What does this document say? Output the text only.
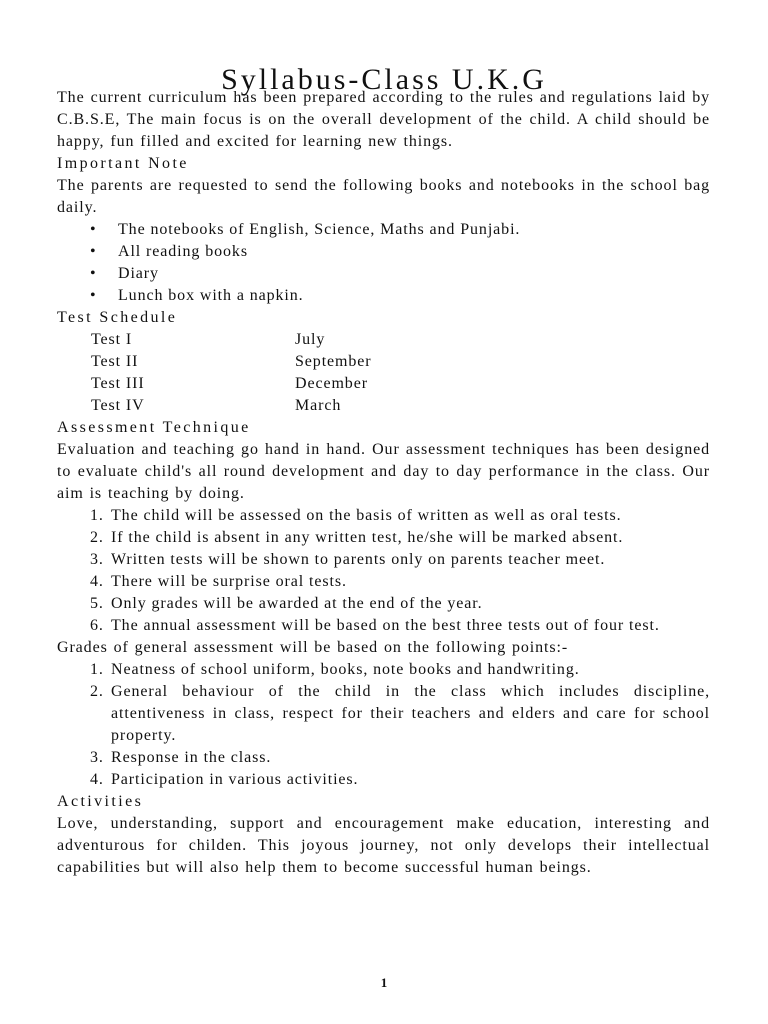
Syllabus-Class U.K.G
The current curriculum has been prepared according to the rules and regulations laid by C.B.S.E, The main focus is on the overall development of the child. A child should be happy, fun filled and excited for learning new things.
Important Note
The parents are requested to send the following books and notebooks in the school bag daily.
• The notebooks of English, Science, Maths and Punjabi.
• All reading books
• Diary
• Lunch box with a napkin.
Test Schedule
Test I	July
Test II	September
Test III	December
Test IV	March
Assessment Technique
Evaluation and teaching go hand in hand. Our assessment techniques has been designed to evaluate child's all round development and day to day performance in the class. Our aim is teaching by doing.
1. The child will be assessed on the basis of written as well as oral tests.
2. If the child is absent in any written test, he/she will be marked absent.
3. Written tests will be shown to parents only on parents teacher meet.
4. There will be surprise oral tests.
5. Only grades will be awarded at the end of the year.
6. The annual assessment will be based on the best three tests out of four test.
Grades of general assessment will be based on the following points:-
1. Neatness of school uniform, books, note books and handwriting.
2. General behaviour of the child in the class which includes discipline, attentiveness in class, respect for their teachers and elders and care for school property.
3. Response in the class.
4. Participation in various activities.
Activities
Love, understanding, support and encouragement make education, interesting and adventurous for childen. This joyous journey, not only develops their intellectual capabilities but will also help them to become successful human beings.
1
